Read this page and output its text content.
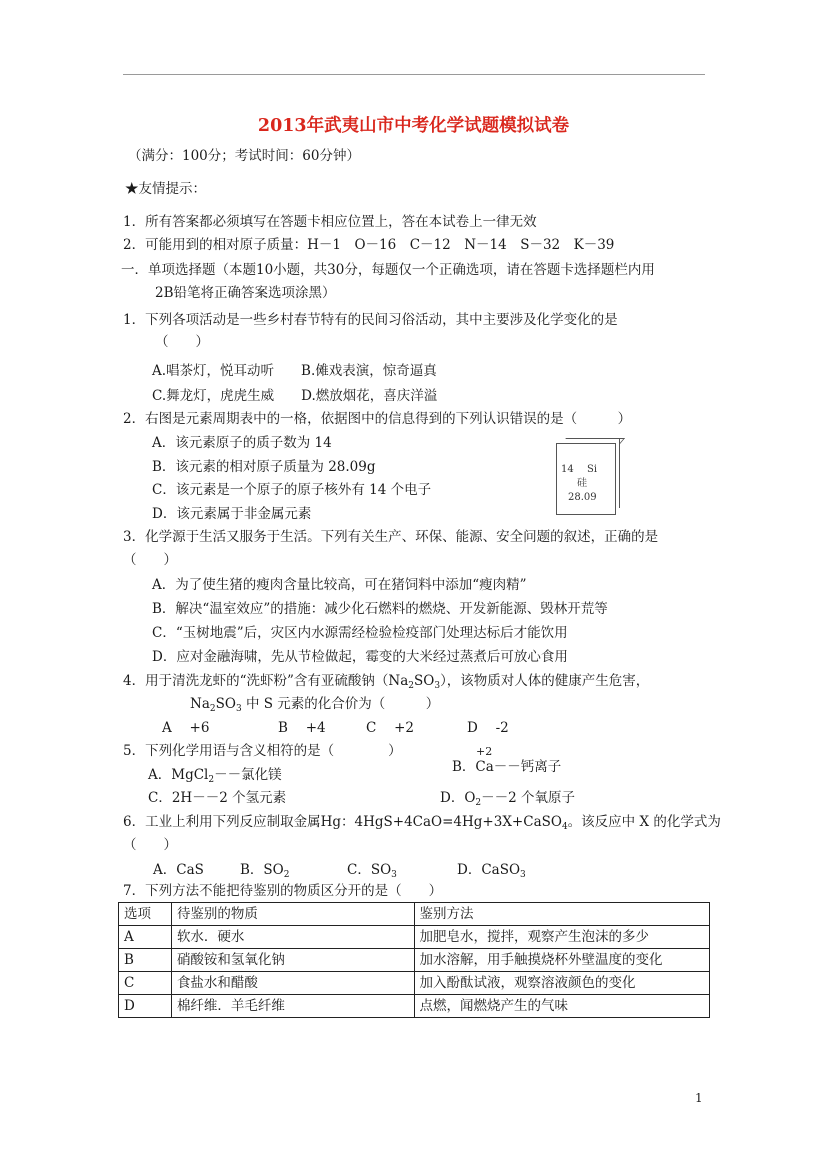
2013年武夷山市中考化学试题模拟试卷
（满分：100分；考试时间：60分钟）
★友情提示：
1．所有答案都必须填写在答题卡相应位置上，答在本试卷上一律无效
2．可能用到的相对原子质量：H－1　O－16　C－12　N－14　S－32　K－39
一．单项选择题（本题10小题，共30分，每题仅一个正确选项，请在答题卡选择题栏内用
2B铅笔将正确答案选项涂黑）
1．下列各项活动是一些乡村春节特有的民间习俗活动，其中主要涉及化学变化的是
（　　）
A.唱茶灯，悦耳动听　　B.傩戏表演，惊奇逼真
C.舞龙灯，虎虎生威　　D.燃放烟花，喜庆洋溢
2．右图是元素周期表中的一格，依据图中的信息得到的下列认识错误的是（　　　）
A．该元素原子的质子数为 14
B．该元素的相对原子质量为 28.09g
C．该元素是一个原子的原子核外有 14 个电子
D．该元素属于非金属元素
14 Si
硅
28.09
3．化学源于生活又服务于生活。下列有关生产、环保、能源、安全问题的叙述，正确的是
（　　）
A．为了使生猪的瘦肉含量比较高，可在猪饲料中添加“瘦肉精”
B．解决“温室效应”的措施：减少化石燃料的燃烧、开发新能源、毁林开荒等
C．“玉树地震”后，灾区内水源需经检验检疫部门处理达标后才能饮用
D．应对金融海啸，先从节检做起，霉变的大米经过蒸煮后可放心食用
4．用于清洗龙虾的“洗虾粉”含有亚硫酸钠$(Na_2SO_3)$，该物质对人体的健康产生危害，
$Na_2SO_3$ 中 S 元素的化合价为（　　　）
A　 +6	B　 +4	C　 +2	D　 -2
5．下列化学用语与含义相符的是（　　　　）	+2
A．MgCl$_2$－－氯化镁	B．Ca－－钙离子
C．2H－－2 个氢元素	D．$O_2--2$ 个氧原子
6．工业上利用下列反应制取金属Hg：4HgS+4CaO=4Hg+3X+CaSO$_4$。该反应中 X 的化学式为
（　　）
A．CaS	B．$SO_2$	C．$SO_3$	D．CaSO$_3$
7．下列方法不能把待鉴别的物质区分开的是（　　）
选项	待鉴别的物质	鉴别方法
A	软水．硬水	加肥皂水，搅拌，观察产生泡沫的多少
B	硝酸铵和氢氧化钠	加水溶解，用手触摸烧杯外壁温度的变化
C	食盐水和醋酸	加入酚酞试液，观察溶液颜色的变化
D	棉纤维．羊毛纤维	点燃，闻燃烧产生的气味
1
